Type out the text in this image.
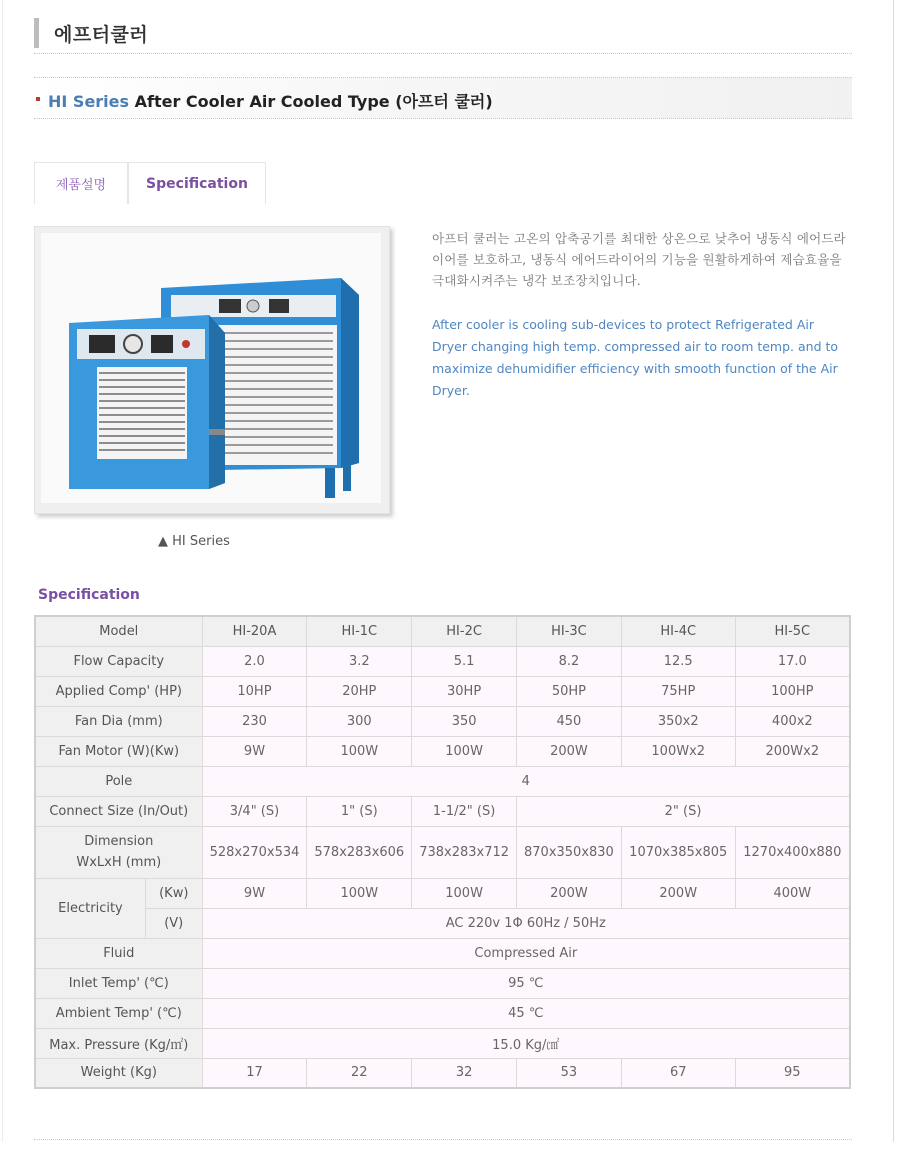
에프터쿨러
HI Series After Cooler Air Cooled Type (아프터 쿨러)
제품설명	Specification
▲ HI Series
아프터 쿨러는 고온의 압축공기를 최대한 상온으로 낮추어 냉동식 에어드라이어를 보호하고, 냉동식 에어드라이어의 기능을 원활하게하여 제습효율을 극대화시켜주는 냉각 보조장치입니다.
After cooler is cooling sub-devices to protect Refrigerated Air Dryer changing high temp. compressed air to room temp. and to maximize dehumidifier efficiency with smooth function of the Air Dryer.
Specification
Model		HI-20A	HI-1C	HI-2C	HI-3C	HI-4C	HI-5C
Flow Capacity		2.0	3.2	5.1	8.2	12.5	17.0
Applied Comp' (HP)		10HP	20HP	30HP	50HP	75HP	100HP
Fan Dia (mm)		230	300	350	450	350x2	400x2
Fan Motor (W)(Kw)		9W	100W	100W	200W	100Wx2	200Wx2
Pole		4					
Connect Size (In/Out)		3/4" (S)	1" (S)	1-1/2" (S)	2" (S)		
Dimension
WxLxH (mm)		528x270x534	578x283x606	738x283x712	870x350x830	1070x385x805	1270x400x880
Electricity	(Kw)	9W	100W	100W	200W	200W	400W
	(V)	AC 220v 1Φ 60Hz / 50Hz					
Fluid		Compressed Air					
Inlet Temp' (℃)		95 ℃					
Ambient Temp' (℃)		45 ℃					
Max. Pressure (Kg/㎡)		15.0 Kg/㎠					
Weight (Kg)		17	22	32	53	67	95
